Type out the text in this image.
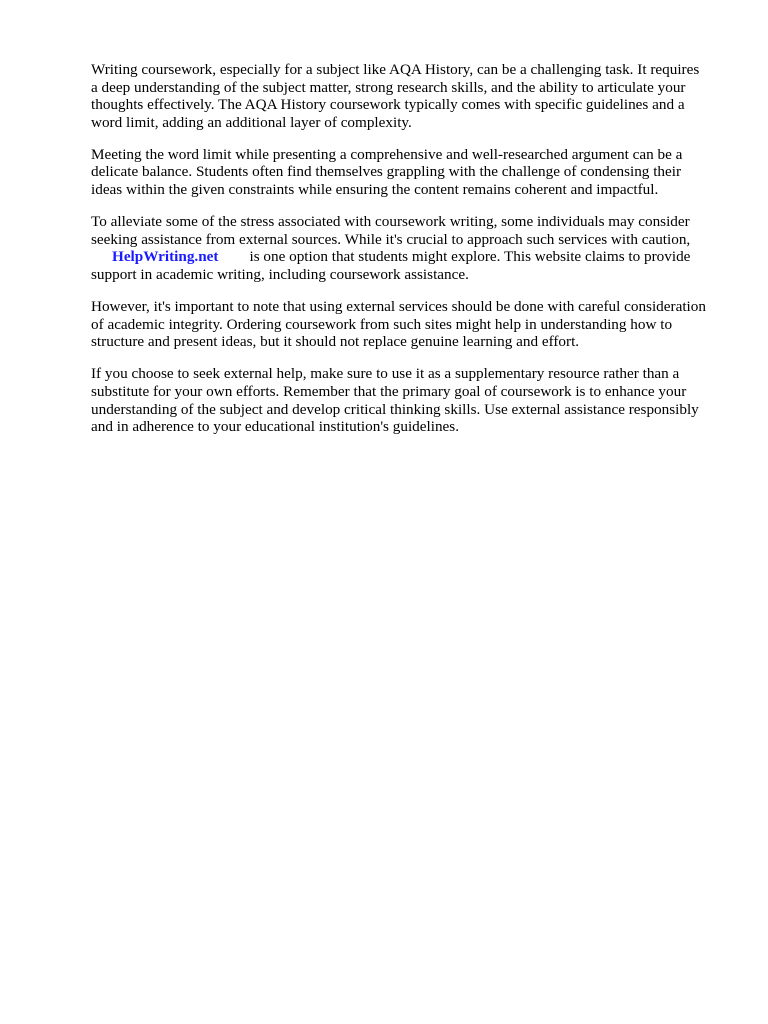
Writing coursework, especially for a subject like AQA History, can be a challenging task. It requires
a deep understanding of the subject matter, strong research skills, and the ability to articulate your
thoughts effectively. The AQA History coursework typically comes with specific guidelines and a
word limit, adding an additional layer of complexity.

Meeting the word limit while presenting a comprehensive and well-researched argument can be a
delicate balance. Students often find themselves grappling with the challenge of condensing their
ideas within the given constraints while ensuring the content remains coherent and impactful.

To alleviate some of the stress associated with coursework writing, some individuals may consider
seeking assistance from external sources. While it's crucial to approach such services with caution,
HelpWriting.net is one option that students might explore. This website claims to provide
support in academic writing, including coursework assistance.

However, it's important to note that using external services should be done with careful consideration
of academic integrity. Ordering coursework from such sites might help in understanding how to
structure and present ideas, but it should not replace genuine learning and effort.

If you choose to seek external help, make sure to use it as a supplementary resource rather than a
substitute for your own efforts. Remember that the primary goal of coursework is to enhance your
understanding of the subject and develop critical thinking skills. Use external assistance responsibly
and in adherence to your educational institution's guidelines.
